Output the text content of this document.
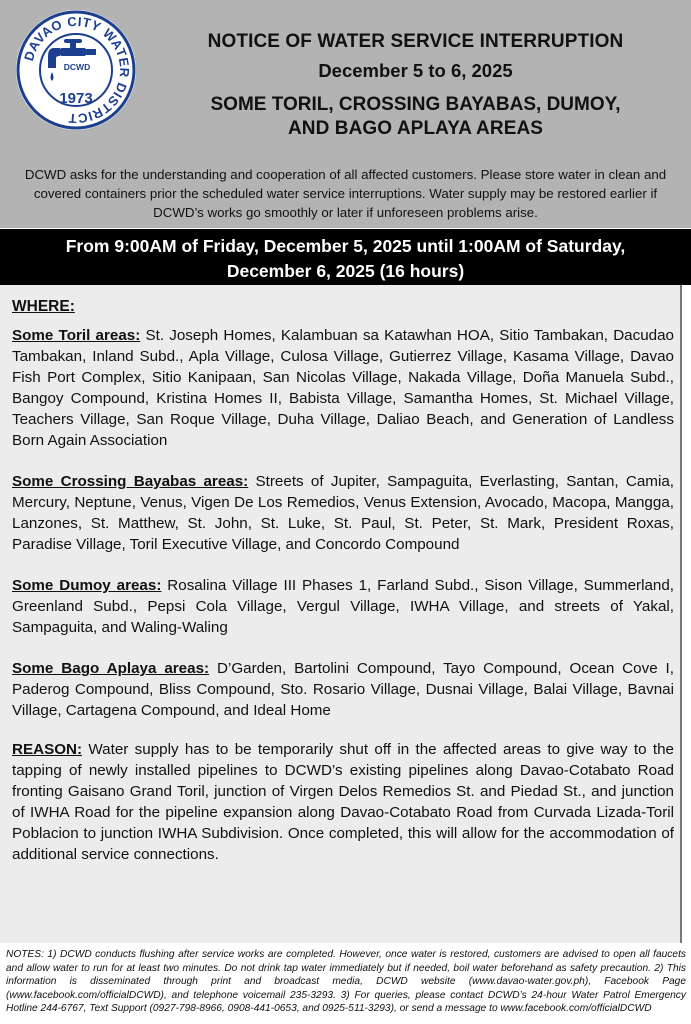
DAVAO CITY WATER DISTRICT
DCWD
1973
NOTICE OF WATER SERVICE INTERRUPTION
December 5 to 6, 2025
SOME TORIL, CROSSING BAYABAS, DUMOY,
AND BAGO APLAYA AREAS
DCWD asks for the understanding and cooperation of all affected customers. Please store water in clean and covered containers prior the scheduled water service interruptions. Water supply may be restored earlier if DCWD’s works go smoothly or later if unforeseen problems arise.
From 9:00AM of Friday, December 5, 2025 until 1:00AM of Saturday,
December 6, 2025 (16 hours)
WHERE:

Some Toril areas: St. Joseph Homes, Kalambuan sa Katawhan HOA, Sitio Tambakan, Dacudao Tambakan, Inland Subd., Apla Village, Culosa Village, Gutierrez Village, Kasama Village, Davao Fish Port Complex, Sitio Kanipaan, San Nicolas Village, Nakada Village, Doña Manuela Subd., Bangoy Compound, Kristina Homes II, Babista Village, Samantha Homes, St. Michael Village, Teachers Village, San Roque Village, Duha Village, Daliao Beach, and Generation of Landless Born Again Association

Some Crossing Bayabas areas: Streets of Jupiter, Sampaguita, Everlasting, Santan, Camia, Mercury, Neptune, Venus, Vigen De Los Remedios, Venus Extension, Avocado, Macopa, Mangga, Lanzones, St. Matthew, St. John, St. Luke, St. Paul, St. Peter, St. Mark, President Roxas, Paradise Village, Toril Executive Village, and Concordo Compound

Some Dumoy areas: Rosalina Village III Phases 1, Farland Subd., Sison Village, Summerland, Greenland Subd., Pepsi Cola Village, Vergul Village, IWHA Village, and streets of Yakal, Sampaguita, and Waling-Waling

Some Bago Aplaya areas: D’Garden, Bartolini Compound, Tayo Compound, Ocean Cove I, Paderog Compound, Bliss Compound, Sto. Rosario Village, Dusnai Village, Balai Village, Bavnai Village, Cartagena Compound, and Ideal Home

REASON: Water supply has to be temporarily shut off in the affected areas to give way to the tapping of newly installed pipelines to DCWD’s existing pipelines along Davao-Cotabato Road fronting Gaisano Grand Toril, junction of Virgen Delos Remedios St. and Piedad St., and junction of IWHA Road for the pipeline expansion along Davao-Cotabato Road from Curvada Lizada-Toril Poblacion to junction IWHA Subdivision. Once completed, this will allow for the accommodation of additional service connections.

NOTES: 1) DCWD conducts flushing after service works are completed. However, once water is restored, customers are advised to open all faucets and allow water to run for at least two minutes. Do not drink tap water immediately but if needed, boil water beforehand as safety precaution. 2) This information is disseminated through print and broadcast media, DCWD website (www.davao-water.gov.ph), Facebook Page (www.facebook.com/officialDCWD), and telephone voicemail 235-3293. 3) For queries, please contact DCWD’s 24-hour Water Patrol Emergency Hotline 244-6767, Text Support (0927-798-8966, 0908-441-0653, and 0925-511-3293), or send a message to www.facebook.com/officialDCWD
